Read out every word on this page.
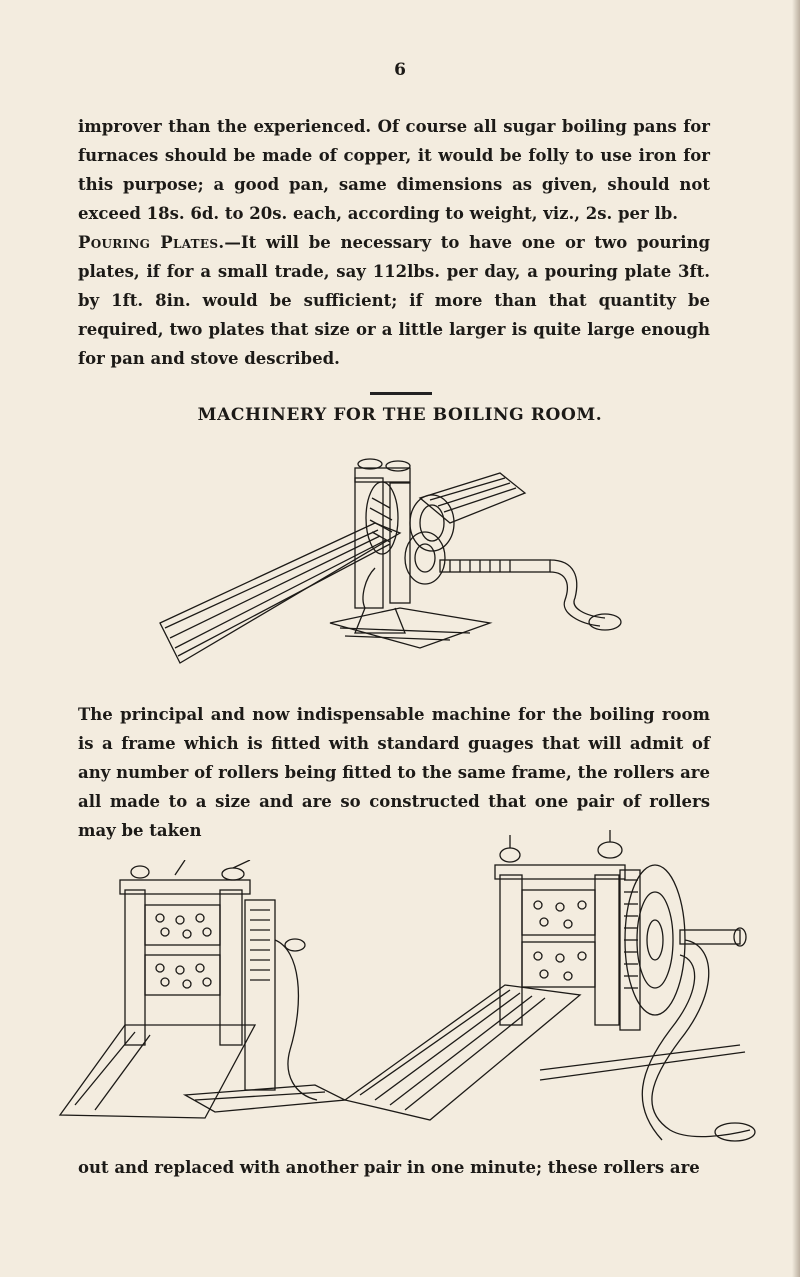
6
improver than the experienced. Of course all sugar boiling pans for furnaces should be made of copper, it would be folly to use iron for this purpose; a good pan, same dimensions as given, should not exceed 18s. 6d. to 20s. each, according to weight, viz., 2s. per lb.
Pouring Plates.—It will be necessary to have one or two pouring plates, if for a small trade, say 112lbs. per day, a pouring plate 3ft. by 1ft. 8in. would be sufficient; if more than that quantity be required, two plates that size or a little larger is quite large enough for pan and stove described.
MACHINERY FOR THE BOILING ROOM.
The principal and now indispensable machine for the boiling room is a frame which is fitted with standard guages that will admit of any number of rollers being fitted to the same frame, the rollers are all made to a size and are so constructed that one pair of rollers may be taken
out and replaced with another pair in one minute; these rollers are
